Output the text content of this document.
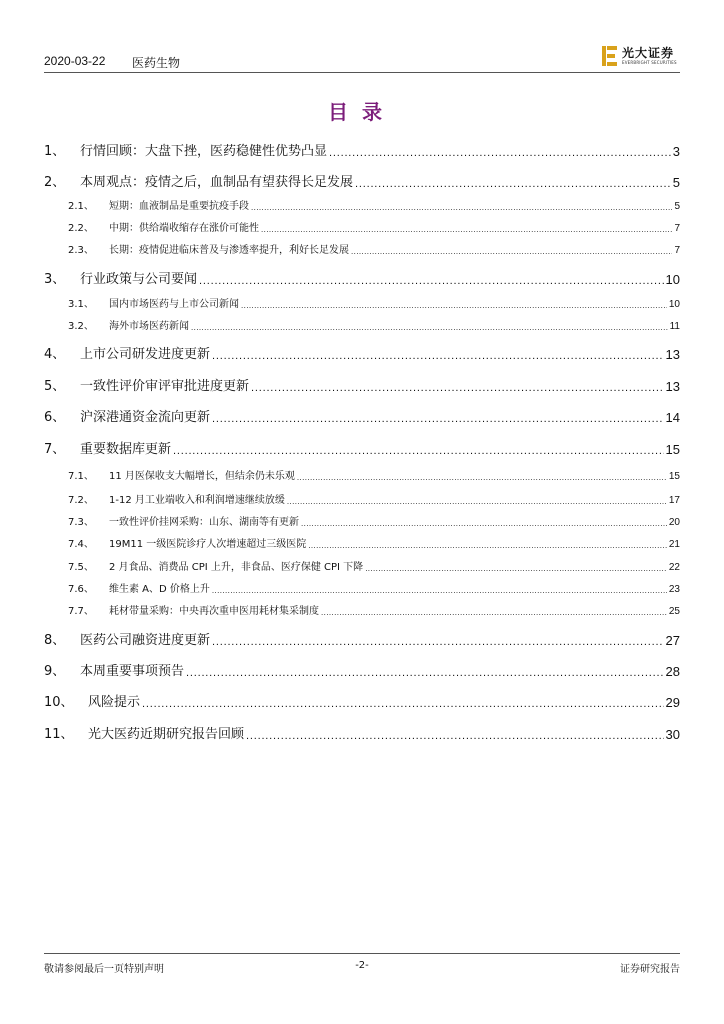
2020-03-22 医药生物
光大证券
EVERBRIGHT SECURITIES
目录
1、	行情回顾：大盘下挫，医药稳健性优势凸显 .....	3
2、	本周观点：疫情之后，血制品有望获得长足发展 .....	5
2.1、	短期：血液制品是重要抗疫手段 .....	5
2.2、	中期：供给端收缩存在涨价可能性 .....	7
2.3、	长期：疫情促进临床普及与渗透率提升，利好长足发展 .....	7
3、	行业政策与公司要闻 .....	10
3.1、	国内市场医药与上市公司新闻 .....	10
3.2、	海外市场医药新闻 .....	11
4、	上市公司研发进度更新 .....	13
5、	一致性评价审评审批进度更新 .....	13
6、	沪深港通资金流向更新 .....	14
7、	重要数据库更新 .....	15
7.1、	11 月医保收支大幅增长，但结余仍未乐观 .....	15
7.2、	1-12 月工业端收入和利润增速继续放缓 .....	17
7.3、	一致性评价挂网采购：山东、湖南等有更新 .....	20
7.4、	19M11 一级医院诊疗人次增速超过三级医院 .....	21
7.5、	2 月食品、消费品 CPI 上升，非食品、医疗保健 CPI 下降 .....	22
7.6、	维生素 A、D 价格上升 .....	23
7.7、	耗材带量采购：中央再次重申医用耗材集采制度 .....	25
8、	医药公司融资进度更新 .....	27
9、	本周重要事项预告 .....	28
10、	风险提示 .....	29
11、	光大医药近期研究报告回顾 .....	30
敬请参阅最后一页特别声明	-2-	证券研究报告
